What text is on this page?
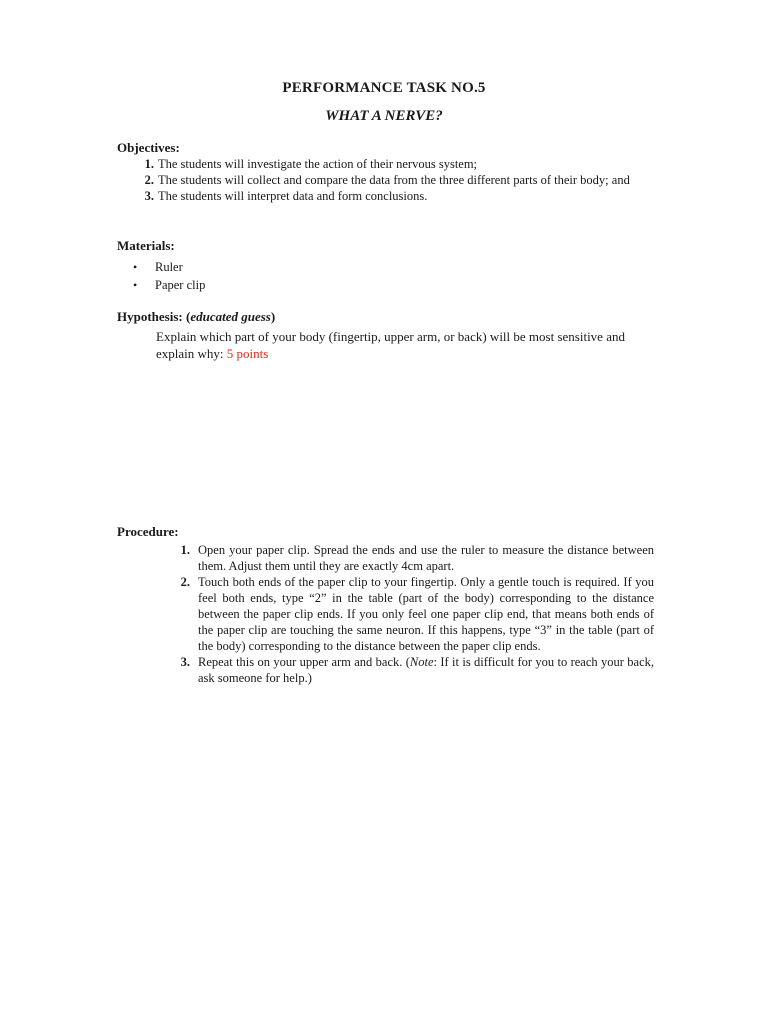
PERFORMANCE TASK NO.5
WHAT A NERVE?
Objectives:
1. The students will investigate the action of their nervous system;
2. The students will collect and compare the data from the three different parts of their body; and
3. The students will interpret data and form conclusions.
Materials:
• Ruler
• Paper clip
Hypothesis: (educated guess)
Explain which part of your body (fingertip, upper arm, or back) will be most sensitive and explain why: 5 points
Procedure:
1. Open your paper clip. Spread the ends and use the ruler to measure the distance between them. Adjust them until they are exactly 4cm apart.
2. Touch both ends of the paper clip to your fingertip. Only a gentle touch is required. If you feel both ends, type “2” in the table (part of the body) corresponding to the distance between the paper clip ends. If you only feel one paper clip end, that means both ends of the paper clip are touching the same neuron. If this happens, type “3” in the table (part of the body) corresponding to the distance between the paper clip ends.
3. Repeat this on your upper arm and back. (Note: If it is difficult for you to reach your back, ask someone for help.)
